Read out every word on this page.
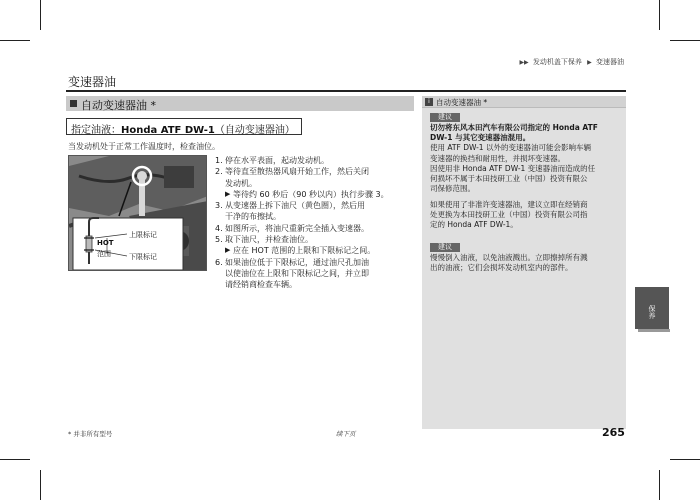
▶▶ 发动机盖下保养 ▶ 变速器油
变速器油
自动变速器油 *
指定油液：Honda ATF DW-1（自动变速器油）
当发动机处于正常工作温度时，检查油位。
HOT
范围
上限标记
下限标记
1. 停在水平表面，起动发动机。
2. 等待直至散热器风扇开始工作，然后关闭
发动机。
▶ 等待约 60 秒后（90 秒以内）执行步骤 3。
3. 从变速器上拆下油尺（黄色圈），然后用
干净的布擦拭。
4. 如图所示，将油尺重新完全插入变速器。
5. 取下油尺，并检查油位。
▶ 应在 HOT 范围的上限和下限标记之间。
6. 如果油位低于下限标记，通过油尺孔加油
以使油位在上限和下限标记之间，并立即
请经销商检查车辆。
i 自动变速器油 *
建议
切勿将东风本田汽车有限公司指定的 Honda ATF
DW-1 与其它变速器油混用。
使用 ATF DW-1 以外的变速器油可能会影响车辆
变速器的换挡和耐用性，并损坏变速器。
因使用非 Honda ATF DW-1 变速器油而造成的任
何损坏不属于本田技研工业（中国）投资有限公
司保修范围。
如果使用了非准许变速器油，建议立即在经销商
处更换为本田技研工业（中国）投资有限公司指
定的 Honda ATF DW-1。
建议
慢慢倒入油液，以免油液溅出。立即擦掉所有溅
出的油液；它们会损坏发动机室内的部件。
保养
* 并非所有型号	续下页	265
